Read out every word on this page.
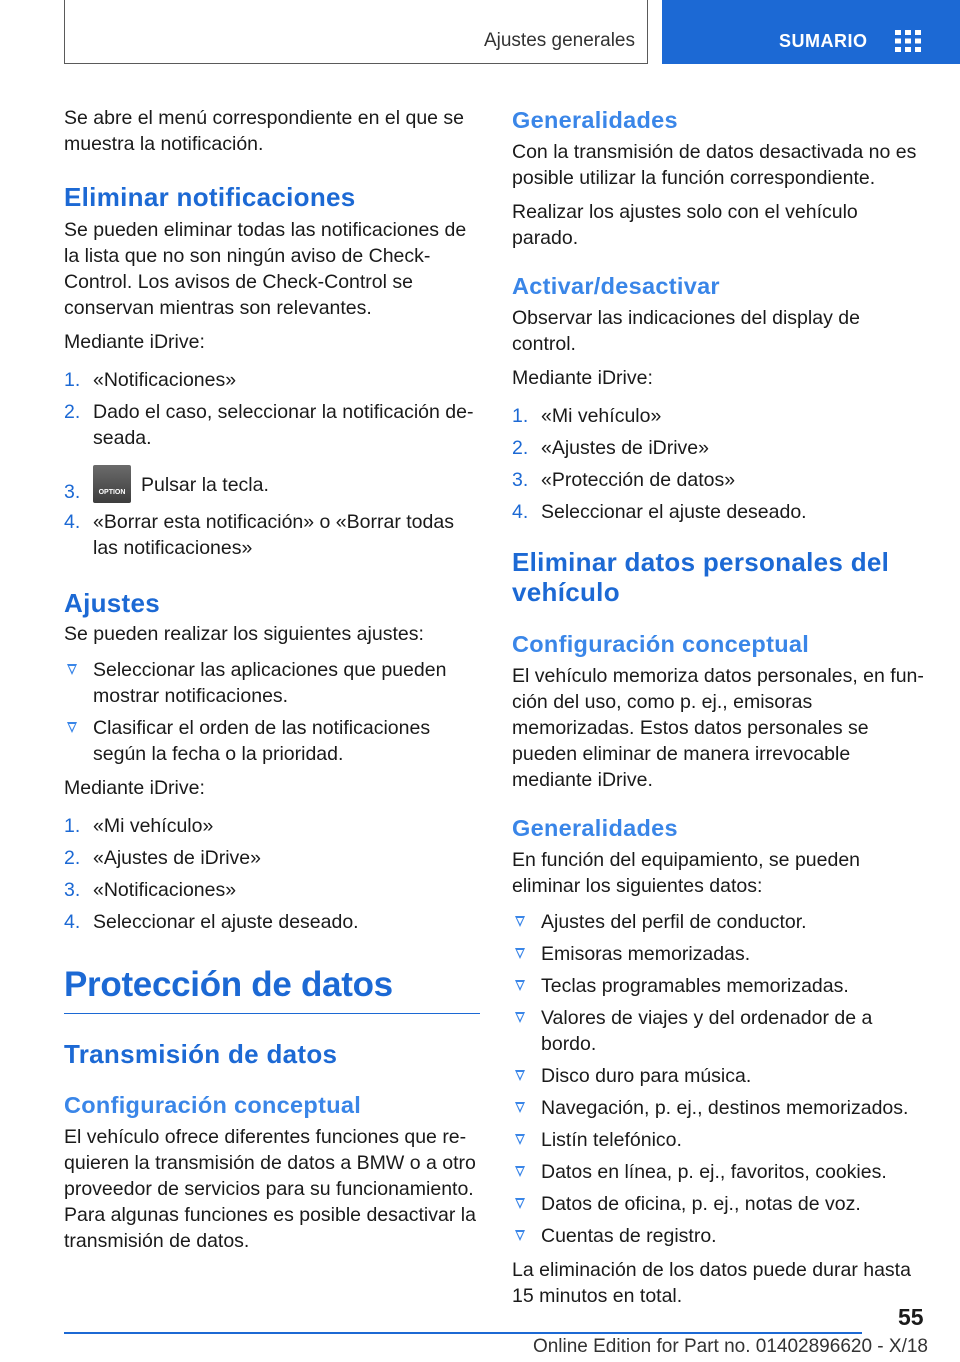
Ajustes generales	SUMARIO

Se abre el menú correspondiente en el que se muestra la notificación.

Eliminar notificaciones

Se pueden eliminar todas las notificaciones de la lista que no son ningún aviso de Check-Control. Los avisos de Check-Control se conservan mientras son relevantes.

Mediante iDrive:

1. «Notificaciones»
2. Dado el caso, seleccionar la notificación de-seada.
3.	OPTION Pulsar la tecla.
4. «Borrar esta notificación» o «Borrar todas las notificaciones»
Ajustes

Se pueden realizar los siguientes ajustes:

Seleccionar las aplicaciones que pueden mostrar notificaciones.
Clasificar el orden de las notificaciones según la fecha o la prioridad.

Mediante iDrive:

1. «Mi vehículo»
2. «Ajustes de iDrive»
3. «Notificaciones»
4. Seleccionar el ajuste deseado.
Protección de datos
Transmisión de datos
Configuración conceptual

El vehículo ofrece diferentes funciones que re-quieren la transmisión de datos a BMW o a otro proveedor de servicios para su funcionamiento. Para algunas funciones es posible desactivar la transmisión de datos.

Generalidades

Con la transmisión de datos desactivada no es posible utilizar la función correspondiente.

Realizar los ajustes solo con el vehículo parado.

Activar/desactivar

Observar las indicaciones del display de control.

Mediante iDrive:

1. «Mi vehículo»
2. «Ajustes de iDrive»
3. «Protección de datos»
4. Seleccionar el ajuste deseado.
Eliminar datos personales del vehículo
Configuración conceptual

El vehículo memoriza datos personales, en fun-ción del uso, como p. ej., emisoras memorizadas. Estos datos personales se pueden eliminar de manera irrevocable mediante iDrive.

Generalidades

En función del equipamiento, se pueden eliminar los siguientes datos:

Ajustes del perfil de conductor.
Emisoras memorizadas.
Teclas programables memorizadas.
Valores de viajes y del ordenador de a bordo.
Disco duro para música.
Navegación, p. ej., destinos memorizados.
Listín telefónico.
Datos en línea, p. ej., favoritos, cookies.
Datos de oficina, p. ej., notas de voz.
Cuentas de registro.

La eliminación de los datos puede durar hasta 15 minutos en total.

55
Online Edition for Part no. 01402896620 - X/18
